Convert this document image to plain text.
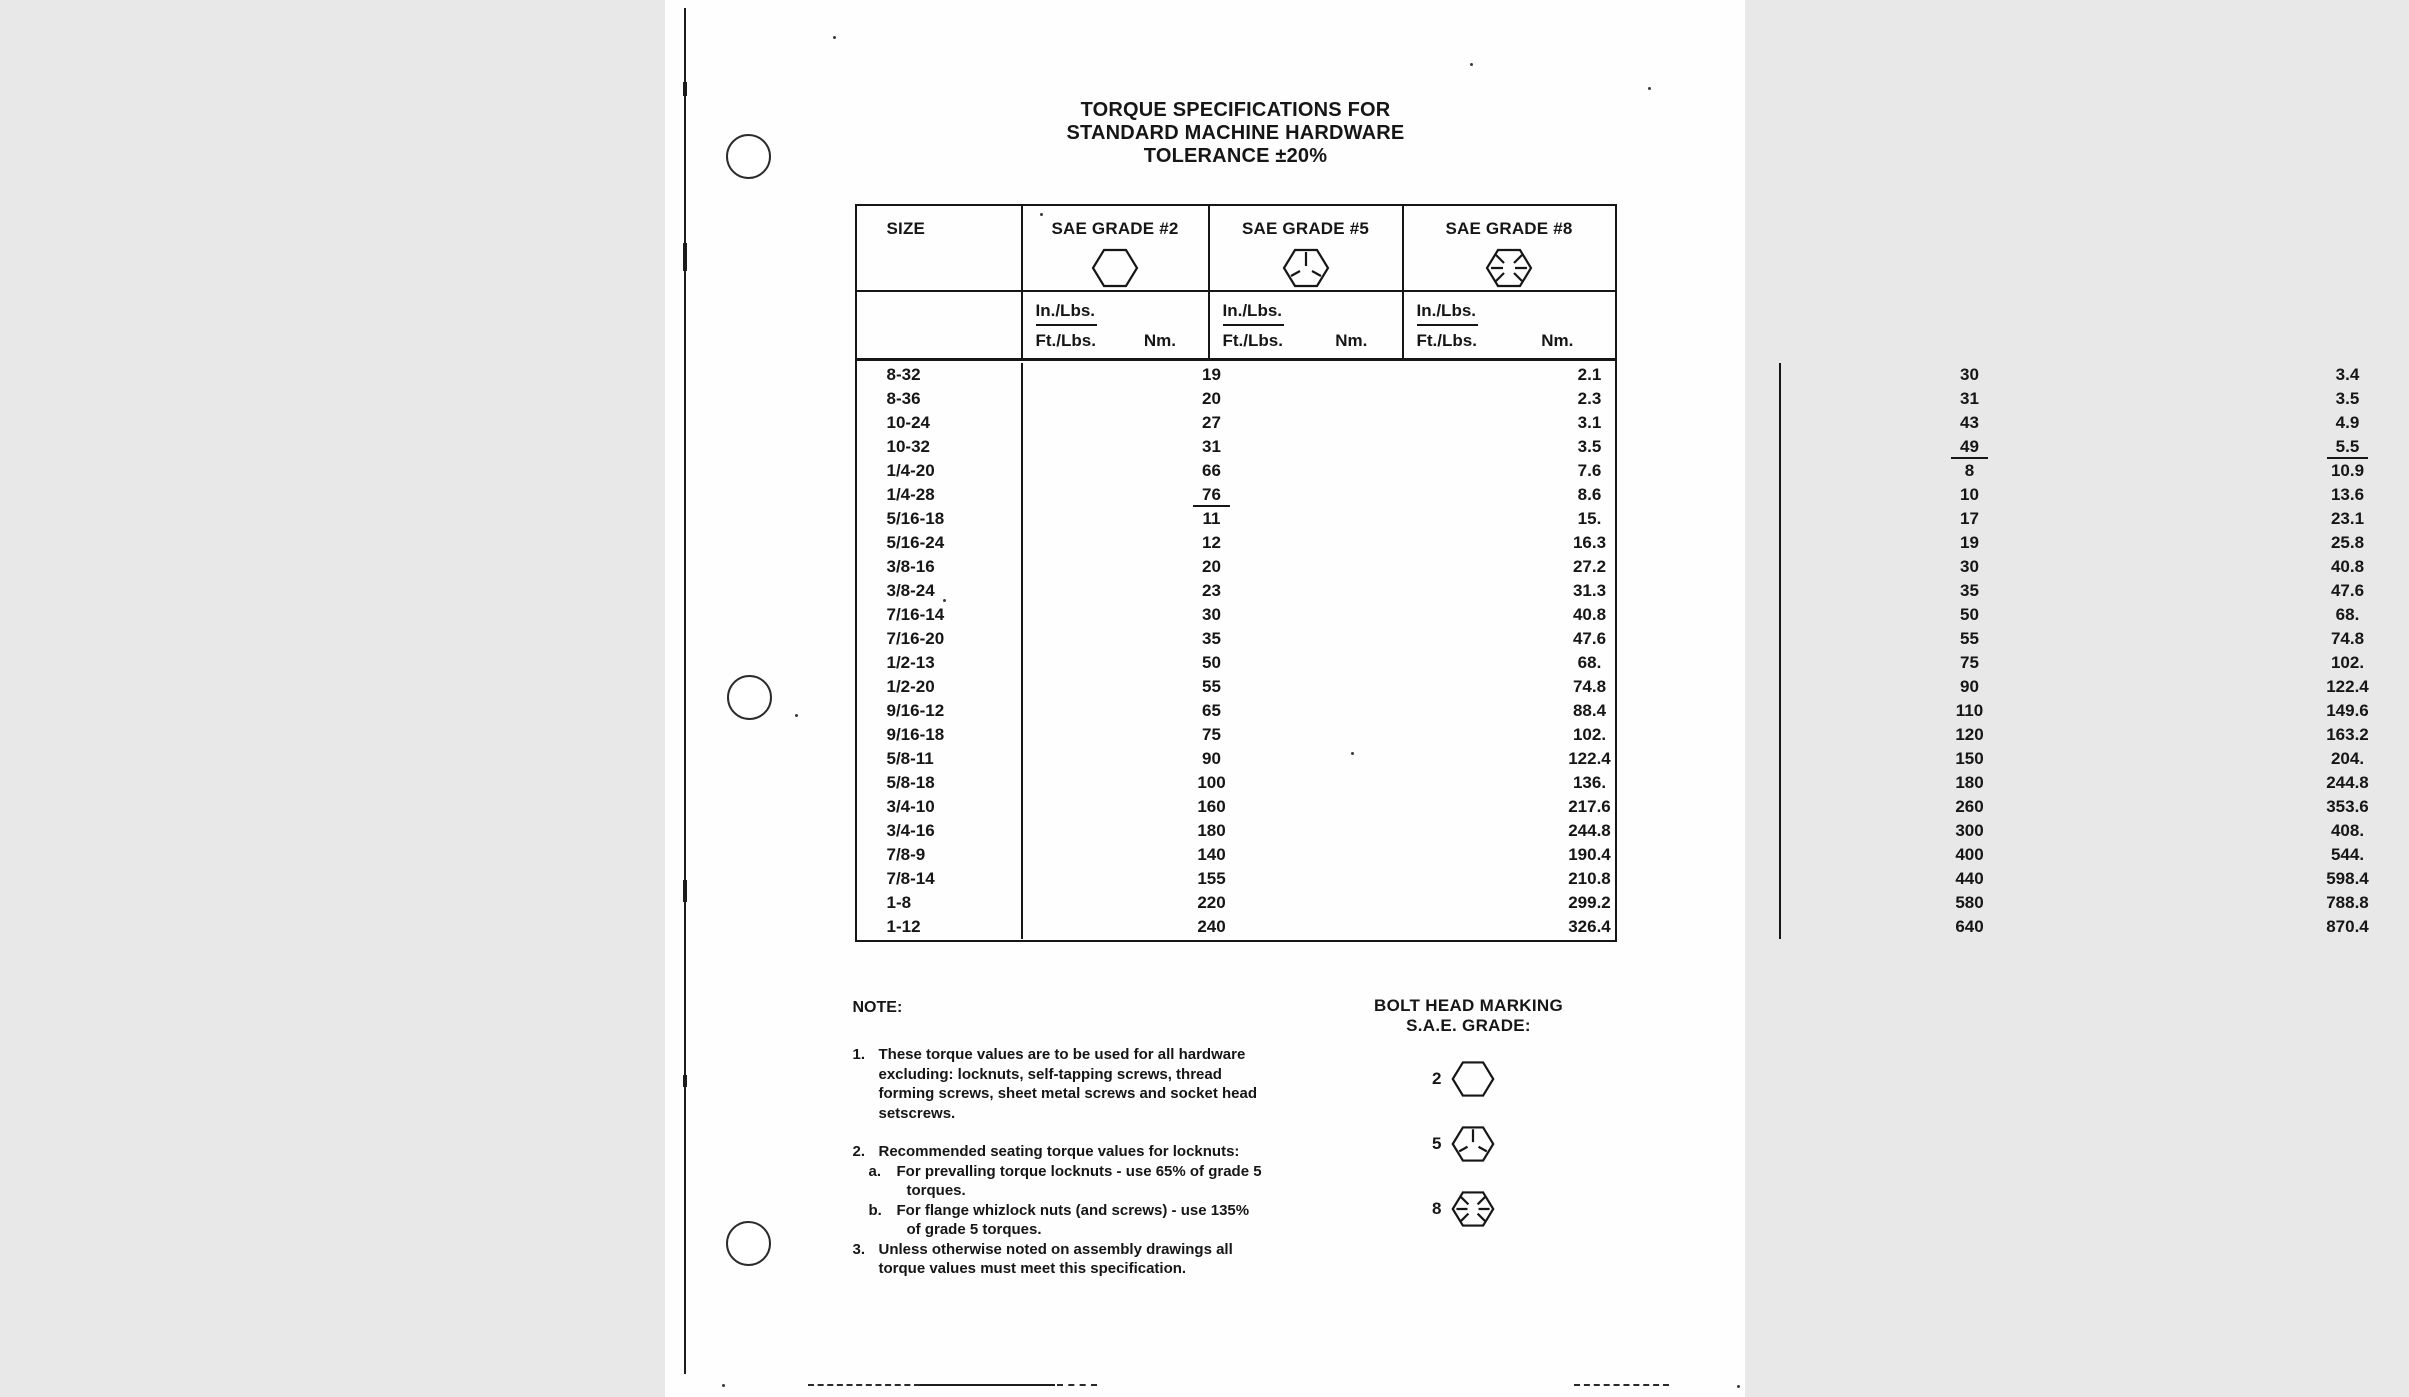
TORQUE SPECIFICATIONS FOR
STANDARD MACHINE HARDWARE
TOLERANCE ±20%
SIZE	SAE GRADE #2	SAE GRADE #5	SAE GRADE #8
In./Lbs.
Ft./Lbs.	Nm.
In./Lbs.
Ft./Lbs.	Nm.
In./Lbs.
Ft./Lbs.	Nm.
8-32	19	2.1	30	3.4
8-36	20	2.3	31	3.5
10-24	27	3.1	43	4.9
10-32	31	3.5	49	5.5
1/4-20	66	7.6	8	10.9
1/4-28	76	8.6	10	13.6
5/16-18	11	15.	17	23.1
5/16-24	12	16.3	19	25.8
3/8-16	20	27.2	30	40.8
3/8-24	23	31.3	35	47.6
7/16-14	30	40.8	50	68.
7/16-20	35	47.6	55	74.8
1/2-13	50	68.	75	102.
1/2-20	55	74.8	90	122.4
9/16-12	65	88.4	110	149.6
9/16-18	75	102.	120	163.2
5/8-11	90	122.4	150	204.
5/8-18	100	136.	180	244.8
3/4-10	160	217.6	260	353.6
3/4-16	180	244.8	300	408.
7/8-9	140	190.4	400	544.
7/8-14	155	210.8	440	598.4
1-8	220	299.2	580	788.8
1-12	240	326.4	640	870.4
NOTE:
1. These torque values are to be used for all hardware
excluding: locknuts, self-tapping screws, thread
forming screws, sheet metal screws and socket head
setscrews.
2. Recommended seating torque values for locknuts:
a. For prevalling torque locknuts - use 65% of grade 5
torques.
b. For flange whizlock nuts (and screws) - use 135%
of grade 5 torques.
3. Unless otherwise noted on assembly drawings all
torque values must meet this specification.
BOLT HEAD MARKING
S.A.E. GRADE:
2
5
8
